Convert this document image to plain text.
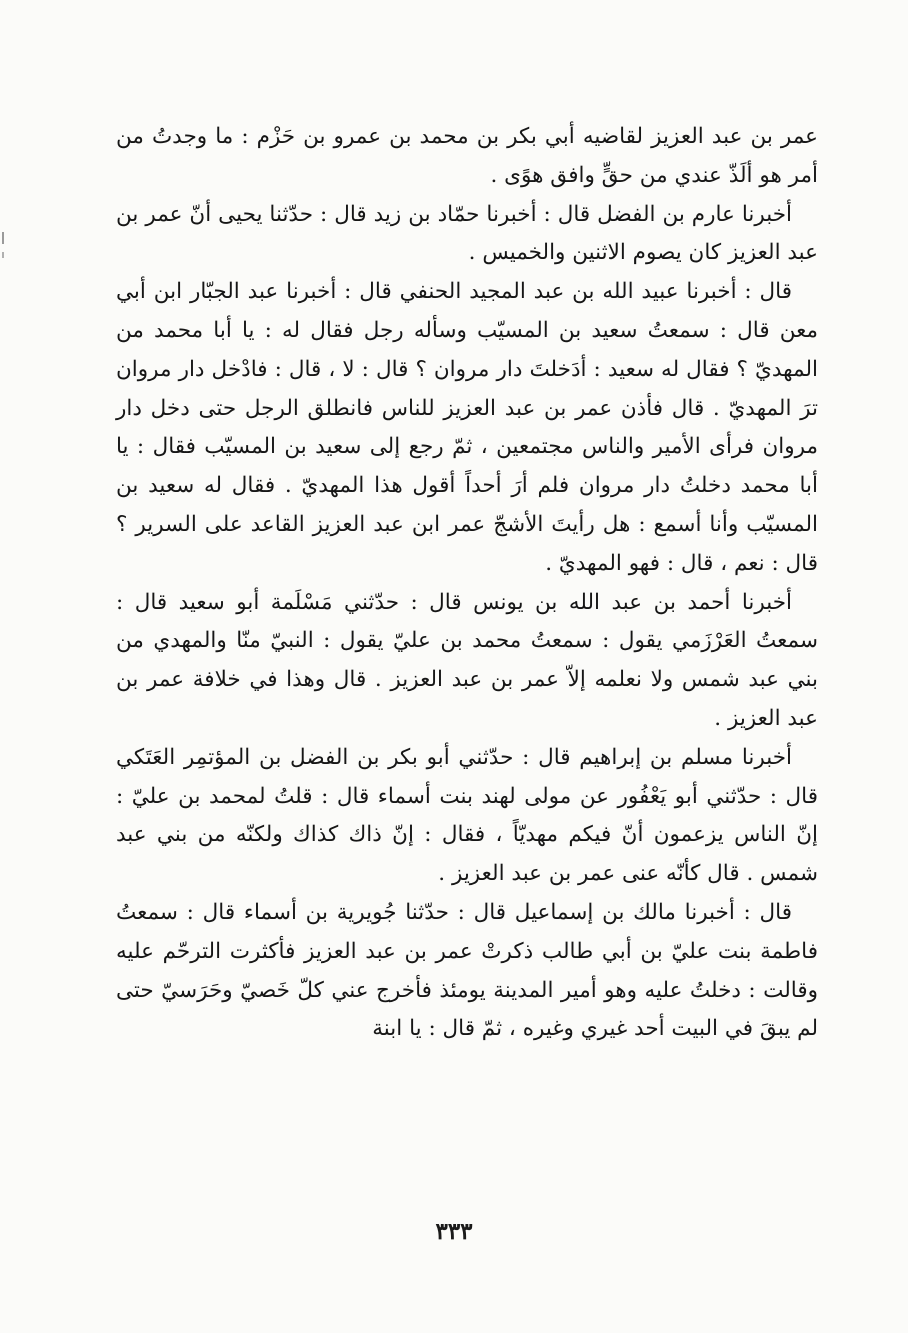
عمر بن عبد العزيز لقاضيه أبي بكر بن محمد بن عمرو بن حَزْم : ما وجدتُ من أمر هو ألَذّ عندي من حقٍّ وافق هوًى .

أخبرنا عارم بن الفضل قال : أخبرنا حمّاد بن زيد قال : حدّثنا يحيى أنّ عمر بن عبد العزيز كان يصوم الاثنين والخميس .

قال : أخبرنا عبيد الله بن عبد المجيد الحنفي قال : أخبرنا عبد الجبّار ابن أبي معن قال : سمعتُ سعيد بن المسيّب وسأله رجل فقال له : يا أبا محمد من المهديّ ؟ فقال له سعيد : أدَخلتَ دار مروان ؟ قال : لا ، قال : فادْخل دار مروان ترَ المهديّ . قال فأذن عمر بن عبد العزيز للناس فانطلق الرجل حتى دخل دار مروان فرأى الأمير والناس مجتمعين ، ثمّ رجع إلى سعيد بن المسيّب فقال : يا أبا محمد دخلتُ دار مروان فلم أرَ أحداً أقول هذا المهديّ . فقال له سعيد بن المسيّب وأنا أسمع : هل رأيتَ الأشجّ عمر ابن عبد العزيز القاعد على السرير ؟ قال : نعم ، قال : فهو المهديّ .

أخبرنا أحمد بن عبد الله بن يونس قال : حدّثني مَسْلَمة أبو سعيد قال : سمعتُ العَرْزَمي يقول : سمعتُ محمد بن عليّ يقول : النبيّ منّا والمهدي من بني عبد شمس ولا نعلمه إلاّ عمر بن عبد العزيز . قال وهذا في خلافة عمر بن عبد العزيز .

أخبرنا مسلم بن إبراهيم قال : حدّثني أبو بكر بن الفضل بن المؤتمِر العَتَكي قال : حدّثني أبو يَعْفُور عن مولى لهند بنت أسماء قال : قلتُ لمحمد بن عليّ : إنّ الناس يزعمون أنّ فيكم مهديّاً ، فقال : إنّ ذاك كذاك ولكنّه من بني عبد شمس . قال كأنّه عنى عمر بن عبد العزيز .

قال : أخبرنا مالك بن إسماعيل قال : حدّثنا جُويرية بن أسماء قال : سمعتُ فاطمة بنت عليّ بن أبي طالب ذكرتْ عمر بن عبد العزيز فأكثرت الترحّم عليه وقالت : دخلتُ عليه وهو أمير المدينة يومئذ فأخرج عني كلّ خَصيّ وحَرَسيّ حتى لم يبقَ في البيت أحد غيري وغيره ، ثمّ قال : يا ابنة

٣٣٣
